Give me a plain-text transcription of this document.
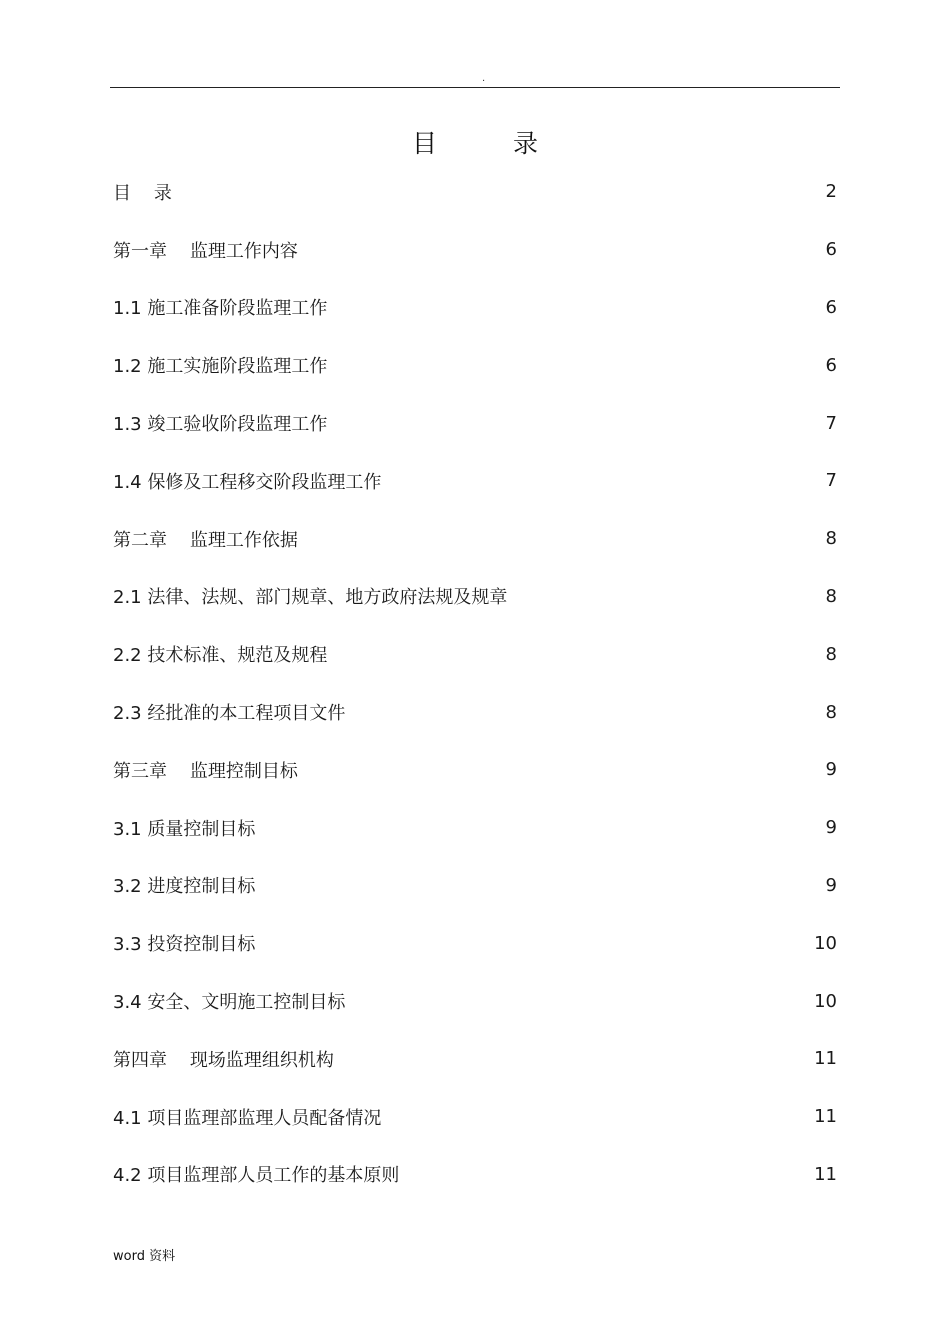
.
目 录
目    录	2
第一章    监理工作内容	6
1.1 施工准备阶段监理工作	6
1.2 施工实施阶段监理工作	6
1.3 竣工验收阶段监理工作	7
1.4 保修及工程移交阶段监理工作	7
第二章    监理工作依据	8
2.1 法律、法规、部门规章、地方政府法规及规章	8
2.2 技术标准、规范及规程	8
2.3 经批准的本工程项目文件	8
第三章    监理控制目标	9
3.1 质量控制目标	9
3.2 进度控制目标	9
3.3 投资控制目标	10
3.4 安全、文明施工控制目标	10
第四章    现场监理组织机构	11
4.1 项目监理部监理人员配备情况	11
4.2 项目监理部人员工作的基本原则	11
word 资料
